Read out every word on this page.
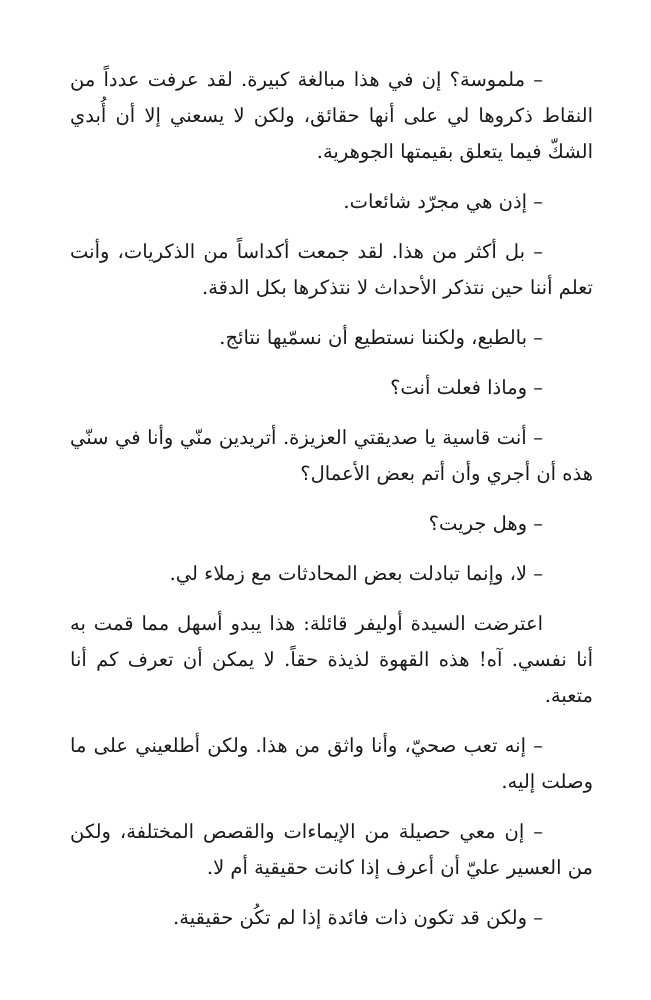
– ملموسة؟ إن في هذا مبالغة كبيرة. لقد عرفت عدداً من النقاط ذكروها لي على أنها حقائق، ولكن لا يسعني إلا أن أُبدي الشكّ فيما يتعلق بقيمتها الجوهرية.

– إذن هي مجرّد شائعات.

– بل أكثر من هذا. لقد جمعت أكداساً من الذكريات، وأنت تعلم أننا حين نتذكر الأحداث لا نتذكرها بكل الدقة.

– بالطبع، ولكننا نستطيع أن نسمّيها نتائج.

– وماذا فعلت أنت؟

– أنت قاسية يا صديقتي العزيزة. أتريدين منّي وأنا في سنّي هذه أن أجري وأن أتم بعض الأعمال؟

– وهل جريت؟

– لا، وإنما تبادلت بعض المحادثات مع زملاء لي.

اعترضت السيدة أوليفر قائلة: هذا يبدو أسهل مما قمت به أنا نفسي. آه! هذه القهوة لذيذة حقاً. لا يمكن أن تعرف كم أنا متعبة.

– إنه تعب صحيّ، وأنا واثق من هذا. ولكن أطلعيني على ما وصلت إليه.

– إن معي حصيلة من الإيماءات والقصص المختلفة، ولكن من العسير عليّ أن أعرف إذا كانت حقيقية أم لا.

– ولكن قد تكون ذات فائدة إذا لم تكُن حقيقية.
